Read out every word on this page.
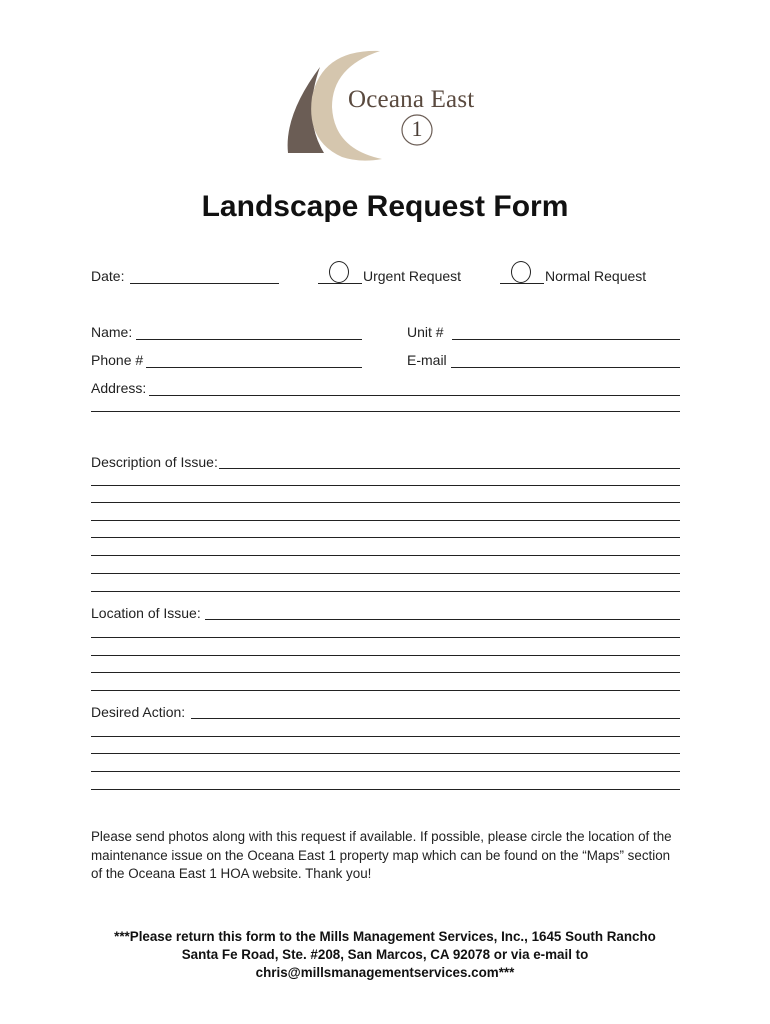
Oceana East
1
Landscape Request Form
Date:	Urgent Request	Normal Request
Name:	Unit #
Phone #	E-mail
Address:
Description of Issue:
Location of Issue:
Desired Action:
Please send photos along with this request if available. If possible, please circle the location of the maintenance issue on the Oceana East 1 property map which can be found on the “Maps” section of the Oceana East 1 HOA website. Thank you!
***Please return this form to the Mills Management Services, Inc., 1645 South Rancho
Santa Fe Road, Ste. #208, San Marcos, CA 92078 or via e-mail to
chris@millsmanagementservices.com***
